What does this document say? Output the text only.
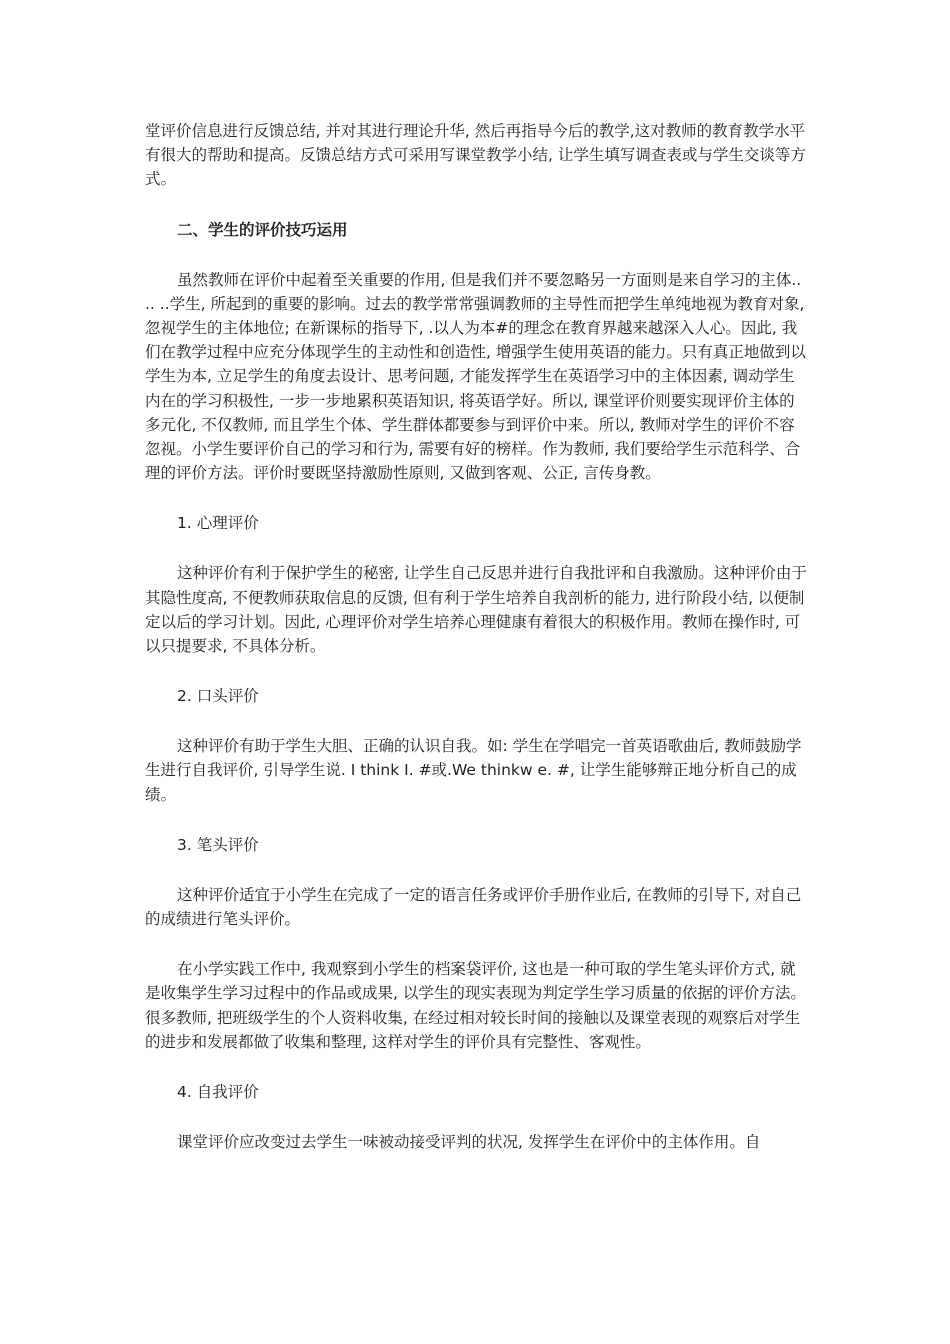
堂评价信息进行反馈总结, 并对其进行理论升华, 然后再指导今后的教学,这对教师的教育教学水平有很大的帮助和提高。反馈总结方式可采用写课堂教学小结, 让学生填写调查表或与学生交谈等方式。

二、学生的评价技巧运用

虽然教师在评价中起着至关重要的作用, 但是我们并不要忽略另一方面则是来自学习的主体.. .. ..学生, 所起到的重要的影响。过去的教学常常强调教师的主导性而把学生单纯地视为教育对象, 忽视学生的主体地位; 在新课标的指导下, .以人为本#的理念在教育界越来越深入人心。因此, 我们在教学过程中应充分体现学生的主动性和创造性, 增强学生使用英语的能力。只有真正地做到以学生为本, 立足学生的角度去设计、思考问题, 才能发挥学生在英语学习中的主体因素, 调动学生内在的学习积极性, 一步一步地累积英语知识, 将英语学好。所以, 课堂评价则要实现评价主体的多元化, 不仅教师, 而且学生个体、学生群体都要参与到评价中来。所以, 教师对学生的评价不容忽视。小学生要评价自己的学习和行为, 需要有好的榜样。作为教师, 我们要给学生示范科学、合理的评价方法。评价时要既坚持激励性原则, 又做到客观、公正, 言传身教。

1. 心理评价

这种评价有利于保护学生的秘密, 让学生自己反思并进行自我批评和自我激励。这种评价由于其隐性度高, 不便教师获取信息的反馈, 但有利于学生培养自我剖析的能力, 进行阶段小结, 以便制定以后的学习计划。因此, 心理评价对学生培养心理健康有着很大的积极作用。教师在操作时, 可以只提要求, 不具体分析。

2. 口头评价

这种评价有助于学生大胆、正确的认识自我。如: 学生在学唱完一首英语歌曲后, 教师鼓励学生进行自我评价, 引导学生说. I think I. #或.We thinkw e. #, 让学生能够辩正地分析自己的成绩。

3. 笔头评价

这种评价适宜于小学生在完成了一定的语言任务或评价手册作业后, 在教师的引导下, 对自己的成绩进行笔头评价。

在小学实践工作中, 我观察到小学生的档案袋评价, 这也是一种可取的学生笔头评价方式, 就是收集学生学习过程中的作品或成果, 以学生的现实表现为判定学生学习质量的依据的评价方法。很多教师, 把班级学生的个人资料收集, 在经过相对较长时间的接触以及课堂表现的观察后对学生的进步和发展都做了收集和整理, 这样对学生的评价具有完整性、客观性。

4. 自我评价

课堂评价应改变过去学生一味被动接受评判的状况, 发挥学生在评价中的主体作用。自
